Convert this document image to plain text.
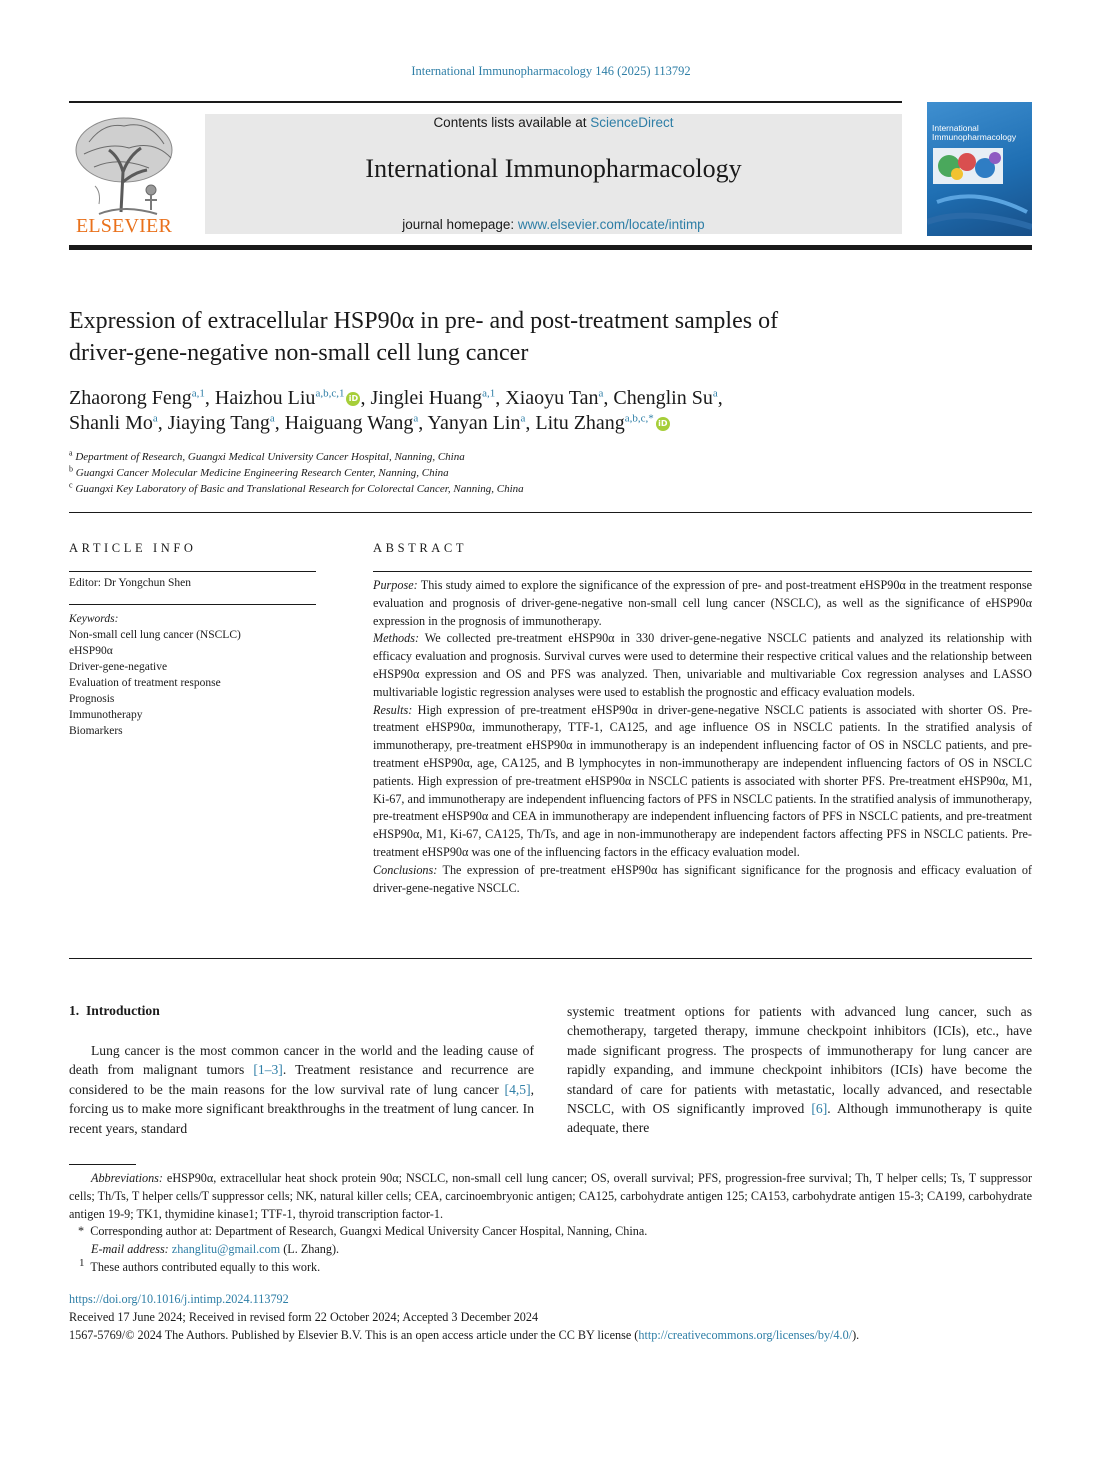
International Immunopharmacology 146 (2025) 113792
ELSEVIER
Contents lists available at ScienceDirect
International Immunopharmacology
journal homepage: www.elsevier.com/locate/intimp
International
Immunopharmacology
Expression of extracellular HSP90α in pre- and post-treatment samples of
driver-gene-negative non-small cell lung cancer
Zhaorong Feng$^{a,1}$, Haizhou Liu$^{a,b,c,1}$ iD , Jinglei Huang$^{a,1}$, Xiaoyu Tan$^a$, Chenglin Su$^a$,
Shanli Mo$^a$, Jiaying Tang$^a$, Haiguang Wang$^a$, Yanyan Lin$^a$, Litu Zhang$^{a,b,c,*}$ iD
$^a$ Department of Research, Guangxi Medical University Cancer Hospital, Nanning, China
$^b$ Guangxi Cancer Molecular Medicine Engineering Research Center, Nanning, China
$^c$ Guangxi Key Laboratory of Basic and Translational Research for Colorectal Cancer, Nanning, China
ARTICLE INFO
Editor: Dr Yongchun Shen
Keywords:
Non-small cell lung cancer (NSCLC)
eHSP90α
Driver-gene-negative
Evaluation of treatment response
Prognosis
Immunotherapy
Biomarkers
ABSTRACT
Purpose: This study aimed to explore the significance of the expression of pre- and post-treatment eHSP90α in the treatment response evaluation and prognosis of driver-gene-negative non-small cell lung cancer (NSCLC), as well as the significance of eHSP90α expression in the prognosis of immunotherapy.
Methods: We collected pre-treatment eHSP90α in 330 driver-gene-negative NSCLC patients and analyzed its relationship with efficacy evaluation and prognosis. Survival curves were used to determine their respective critical values and the relationship between eHSP90α expression and OS and PFS was analyzed. Then, univariable and multivariable Cox regression analyses and LASSO multivariable logistic regression analyses were used to establish the prognostic and efficacy evaluation models.
Results: High expression of pre-treatment eHSP90α in driver-gene-negative NSCLC patients is associated with shorter OS. Pre-treatment eHSP90α, immunotherapy, TTF-1, CA125, and age influence OS in NSCLC patients. In the stratified analysis of immunotherapy, pre-treatment eHSP90α in immunotherapy is an independent influencing factor of OS in NSCLC patients, and pre-treatment eHSP90α, age, CA125, and B lymphocytes in non-immunotherapy are independent influencing factors of OS in NSCLC patients. High expression of pre-treatment eHSP90α in NSCLC patients is associated with shorter PFS. Pre-treatment eHSP90α, M1, Ki-67, and immunotherapy are independent influencing factors of PFS in NSCLC patients. In the stratified analysis of immunotherapy, pre-treatment eHSP90α and CEA in immunotherapy are independent influencing factors of PFS in NSCLC patients, and pre-treatment eHSP90α, M1, Ki-67, CA125, Th/Ts, and age in non-immunotherapy are independent factors affecting PFS in NSCLC patients. Pre-treatment eHSP90α was one of the influencing factors in the efficacy evaluation model.
Conclusions: The expression of pre-treatment eHSP90α has significant significance for the prognosis and efficacy evaluation of driver-gene-negative NSCLC.
1.  Introduction
Lung cancer is the most common cancer in the world and the leading cause of death from malignant tumors [1–3]. Treatment resistance and recurrence are considered to be the main reasons for the low survival rate of lung cancer [4,5], forcing us to make more significant breakthroughs in the treatment of lung cancer. In recent years, standard
systemic treatment options for patients with advanced lung cancer, such as chemotherapy, targeted therapy, immune checkpoint inhibitors (ICIs), etc., have made significant progress. The prospects of immunotherapy for lung cancer are rapidly expanding, and immune checkpoint inhibitors (ICIs) have become the standard of care for patients with metastatic, locally advanced, and resectable NSCLC, with OS significantly improved [6]. Although immunotherapy is quite adequate, there
Abbreviations: eHSP90α, extracellular heat shock protein 90α; NSCLC, non-small cell lung cancer; OS, overall survival; PFS, progression-free survival; Th, T helper cells; Ts, T suppressor cells; Th/Ts, T helper cells/T suppressor cells; NK, natural killer cells; CEA, carcinoembryonic antigen; CA125, carbohydrate antigen 125; CA153, carbohydrate antigen 15-3; CA199, carbohydrate antigen 19-9; TK1, thymidine kinase1; TTF-1, thyroid transcription factor-1.
* Corresponding author at: Department of Research, Guangxi Medical University Cancer Hospital, Nanning, China.
E-mail address: zhanglitu@gmail.com (L. Zhang).
$^1$ These authors contributed equally to this work.
https://doi.org/10.1016/j.intimp.2024.113792
Received 17 June 2024; Received in revised form 22 October 2024; Accepted 3 December 2024
1567-5769/© 2024 The Authors. Published by Elsevier B.V. This is an open access article under the CC BY license (http://creativecommons.org/licenses/by/4.0/).
